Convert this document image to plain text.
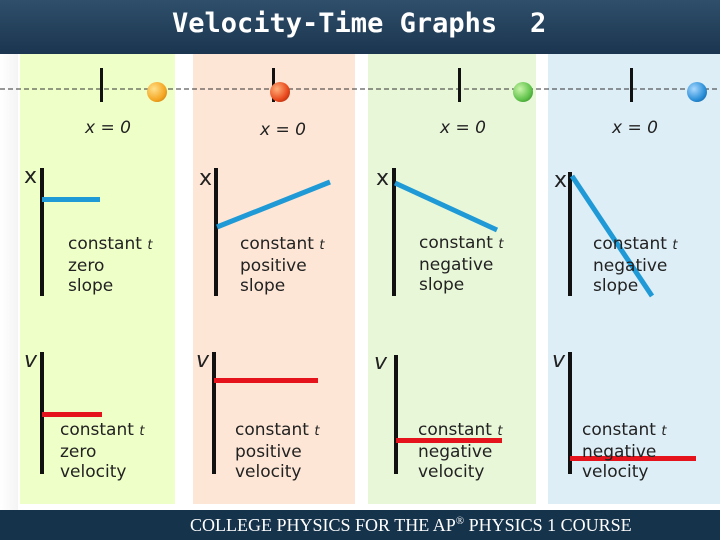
Velocity-Time Graphs 2
x = 0
x
constant t
zero
slope
v
constant t
zero
velocity
x = 0
x
constant t
positive
slope
v
constant t
positive
velocity
x = 0
x
constant t
negative
slope
v
constant t
negative
velocity
x = 0
x
constant t
negative
slope
v
constant t
negative
velocity
COLLEGE PHYSICS FOR THE AP® PHYSICS 1 COURSE
